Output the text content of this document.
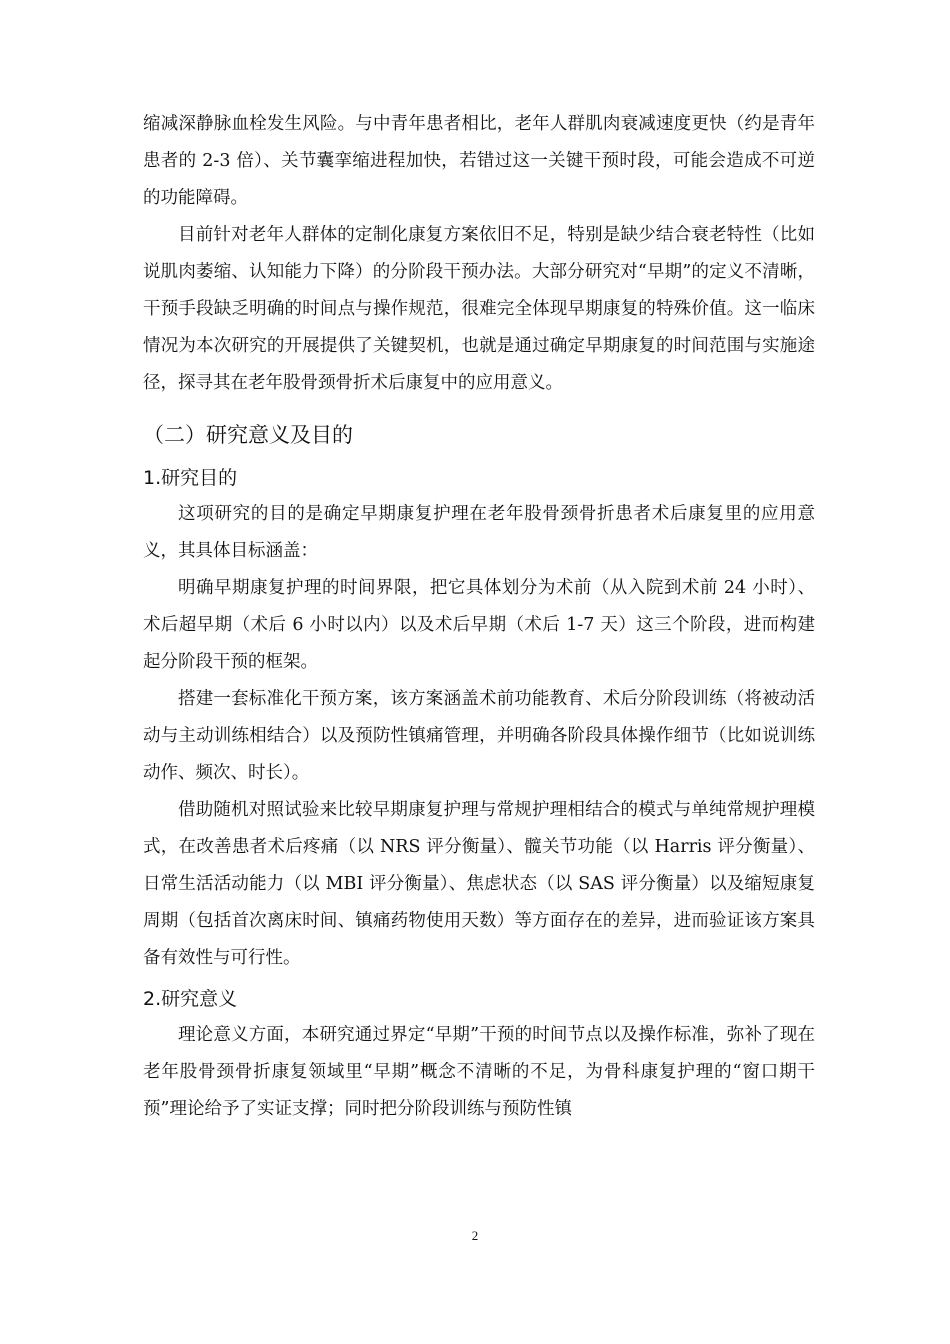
缩减深静脉血栓发生风险。与中青年患者相比，老年人群肌肉衰减速度更快（约是青年患者的 2-3 倍）、关节囊挛缩进程加快，若错过这一关键干预时段，可能会造成不可逆的功能障碍。

目前针对老年人群体的定制化康复方案依旧不足，特别是缺少结合衰老特性（比如说肌肉萎缩、认知能力下降）的分阶段干预办法。大部分研究对“早期”的定义不清晰，干预手段缺乏明确的时间点与操作规范，很难完全体现早期康复的特殊价值。这一临床情况为本次研究的开展提供了关键契机，也就是通过确定早期康复的时间范围与实施途径，探寻其在老年股骨颈骨折术后康复中的应用意义。

（二）研究意义及目的
1.研究目的

这项研究的目的是确定早期康复护理在老年股骨颈骨折患者术后康复里的应用意义，其具体目标涵盖：

明确早期康复护理的时间界限，把它具体划分为术前（从入院到术前 24 小时）、术后超早期（术后 6 小时以内）以及术后早期（术后 1-7 天）这三个阶段，进而构建起分阶段干预的框架。

搭建一套标准化干预方案，该方案涵盖术前功能教育、术后分阶段训练（将被动活动与主动训练相结合）以及预防性镇痛管理，并明确各阶段具体操作细节（比如说训练动作、频次、时长）。

借助随机对照试验来比较早期康复护理与常规护理相结合的模式与单纯常规护理模式，在改善患者术后疼痛（以 NRS 评分衡量）、髋关节功能（以 Harris 评分衡量）、日常生活活动能力（以 MBI 评分衡量）、焦虑状态（以 SAS 评分衡量）以及缩短康复周期（包括首次离床时间、镇痛药物使用天数）等方面存在的差异，进而验证该方案具备有效性与可行性。

2.研究意义

理论意义方面，本研究通过界定“早期”干预的时间节点以及操作标准，弥补了现在老年股骨颈骨折康复领域里“早期”概念不清晰的不足，为骨科康复护理的“窗口期干预”理论给予了实证支撑；同时把分阶段训练与预防性镇

2
